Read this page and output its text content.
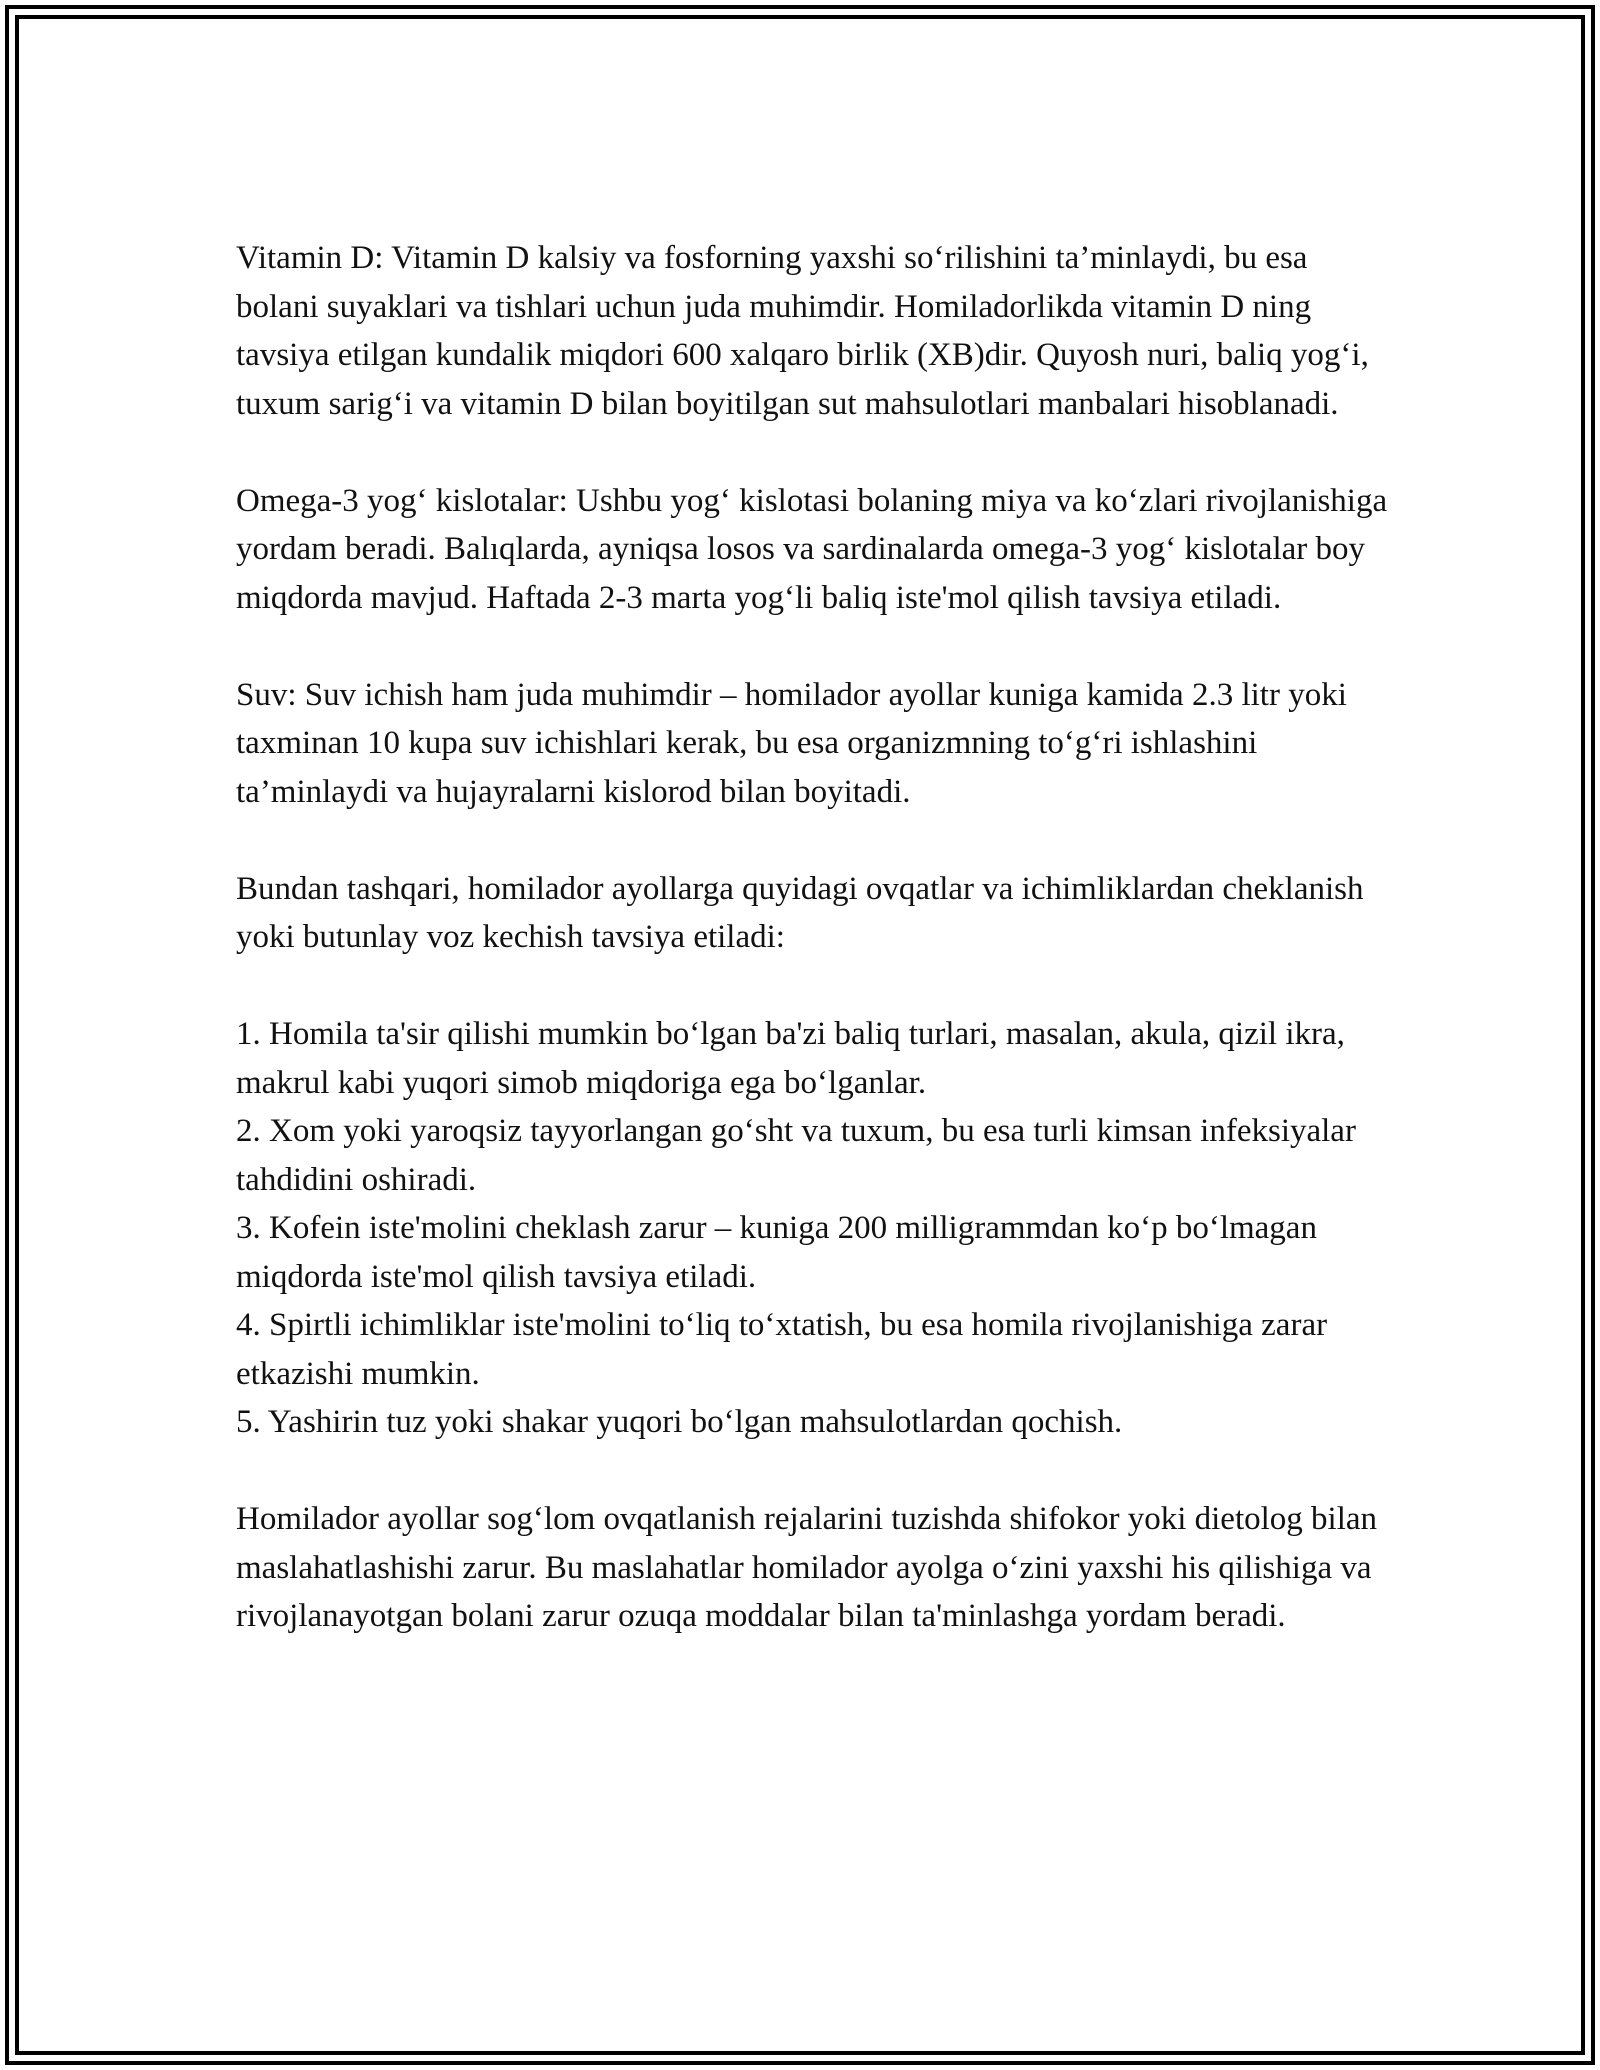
Vitamin D: Vitamin D kalsiy va fosforning yaxshi so‘rilishini ta’minlaydi, bu esa bolani suyaklari va tishlari uchun juda muhimdir. Homiladorlikda vitamin D ning tavsiya etilgan kundalik miqdori 600 xalqaro birlik (XB)dir. Quyosh nuri, baliq yog‘i, tuxum sarig‘i va vitamin D bilan boyitilgan sut mahsulotlari manbalari hisoblanadi.

Omega-3 yog‘ kislotalar: Ushbu yog‘ kislotasi bolaning miya va ko‘zlari rivojlanishiga yordam beradi. Balıqlarda, ayniqsa losos va sardinalarda omega-3 yog‘ kislotalar boy miqdorda mavjud. Haftada 2-3 marta yog‘li baliq iste'mol qilish tavsiya etiladi.

Suv: Suv ichish ham juda muhimdir – homilador ayollar kuniga kamida 2.3 litr yoki taxminan 10 kupa suv ichishlari kerak, bu esa organizmning to‘g‘ri ishlashini ta’minlaydi va hujayralarni kislorod bilan boyitadi.

Bundan tashqari, homilador ayollarga quyidagi ovqatlar va ichimliklardan cheklanish yoki butunlay voz kechish tavsiya etiladi:

1. Homila ta'sir qilishi mumkin bo‘lgan ba'zi baliq turlari, masalan, akula, qizil ikra, makrul kabi yuqori simob miqdoriga ega bo‘lganlar.
2. Xom yoki yaroqsiz tayyorlangan go‘sht va tuxum, bu esa turli kimsan infeksiyalar tahdidini oshiradi.
3. Kofein iste'molini cheklash zarur – kuniga 200 milligrammdan ko‘p bo‘lmagan miqdorda iste'mol qilish tavsiya etiladi.
4. Spirtli ichimliklar iste'molini to‘liq to‘xtatish, bu esa homila rivojlanishiga zarar etkazishi mumkin.
5. Yashirin tuz yoki shakar yuqori bo‘lgan mahsulotlardan qochish.

Homilador ayollar sog‘lom ovqatlanish rejalarini tuzishda shifokor yoki dietolog bilan maslahatlashishi zarur. Bu maslahatlar homilador ayolga o‘zini yaxshi his qilishiga va rivojlanayotgan bolani zarur ozuqa moddalar bilan ta'minlashga yordam beradi.
